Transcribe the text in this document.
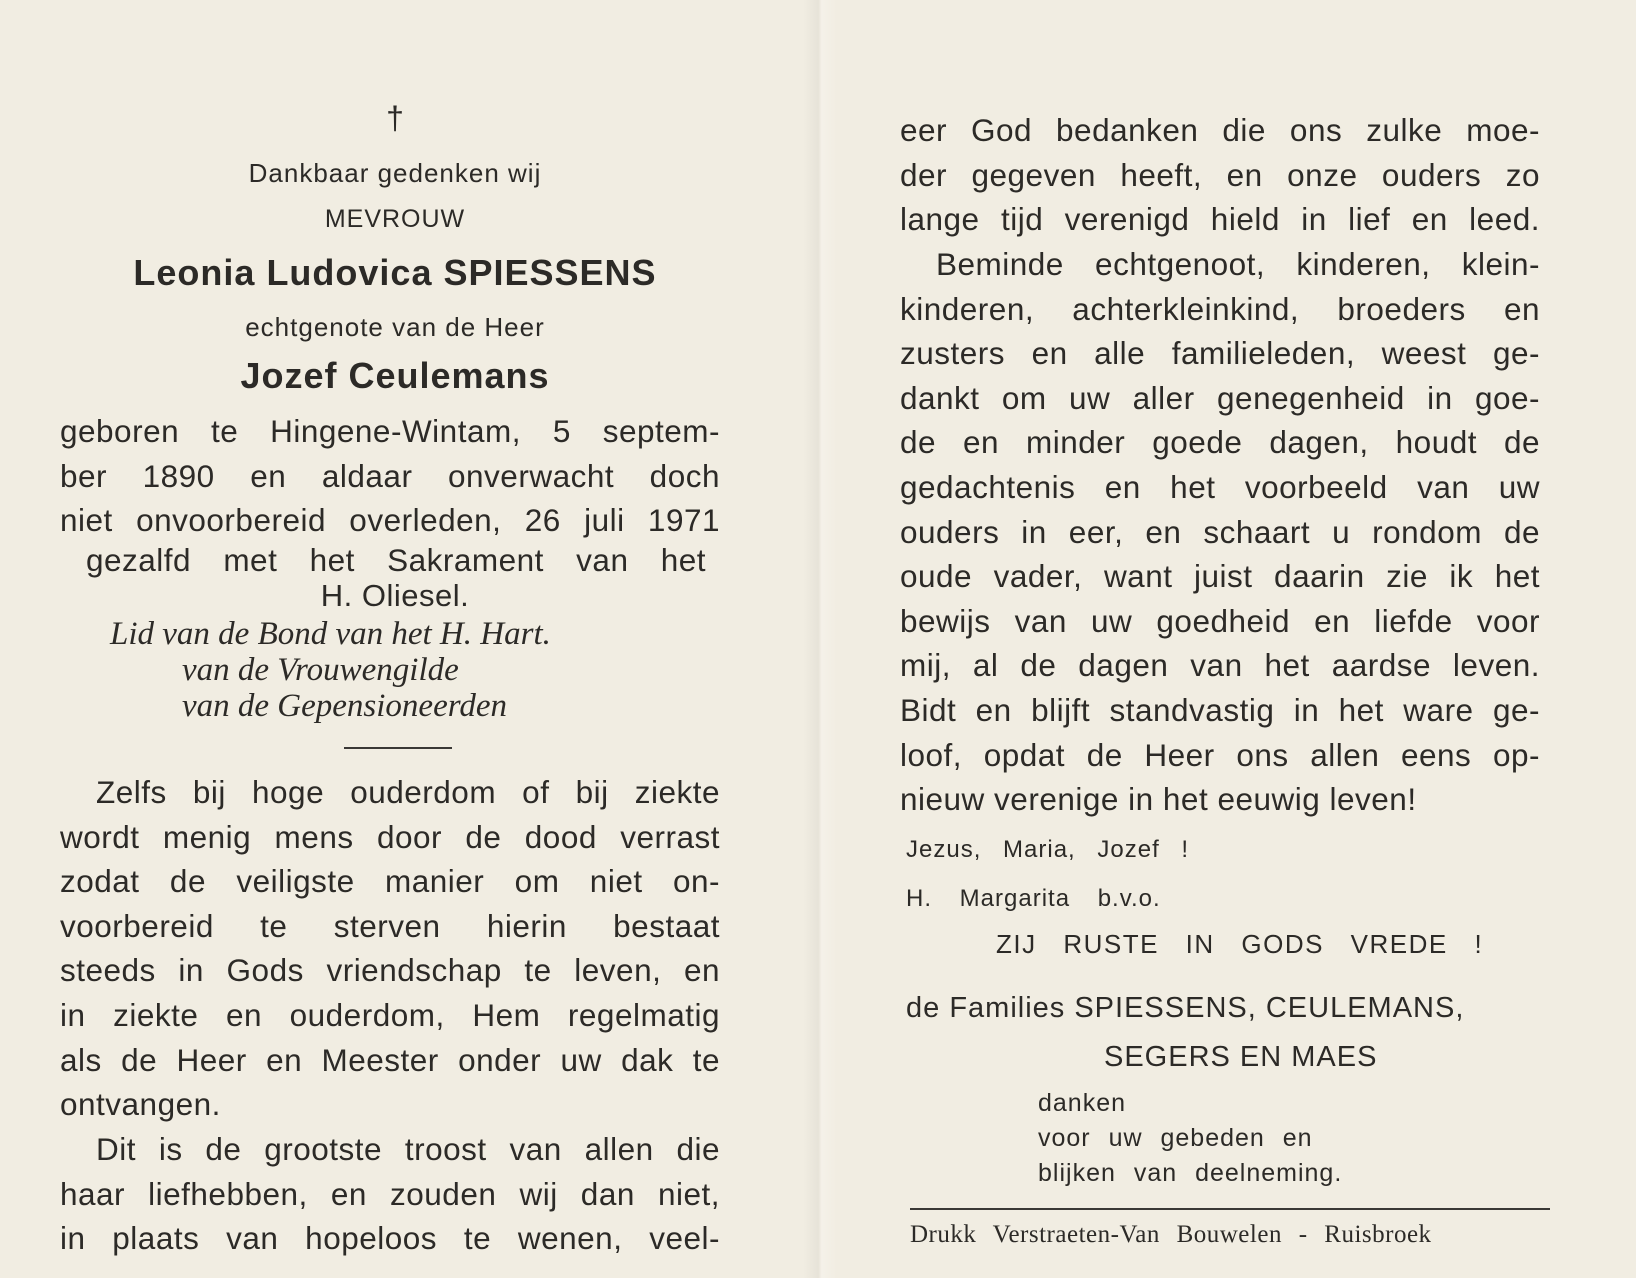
†
Dankbaar gedenken wij
MEVROUW
Leonia Ludovica SPIESSENS
echtgenote van de Heer
Jozef Ceulemans
geboren te Hingene-Wintam, 5 septem-
ber 1890 en aldaar onverwacht doch
niet onvoorbereid overleden, 26 juli 1971
gezalfd met het Sakrament van het
H. Oliesel.
Lid van de Bond van het H. Hart.
van de Vrouwengilde
van de Gepensioneerden
Zelfs bij hoge ouderdom of bij ziekte
wordt menig mens door de dood verrast
zodat de veiligste manier om niet on-
voorbereid te sterven hierin bestaat
steeds in Gods vriendschap te leven, en
in ziekte en ouderdom, Hem regelmatig
als de Heer en Meester onder uw dak te
ontvangen.
Dit is de grootste troost van allen die
haar liefhebben, en zouden wij dan niet,
in plaats van hopeloos te wenen, veel-
eer God bedanken die ons zulke moe-
der gegeven heeft, en onze ouders zo
lange tijd verenigd hield in lief en leed.
Beminde echtgenoot, kinderen, klein-
kinderen, achterkleinkind, broeders en
zusters en alle familieleden, weest ge-
dankt om uw aller genegenheid in goe-
de en minder goede dagen, houdt de
gedachtenis en het voorbeeld van uw
ouders in eer, en schaart u rondom de
oude vader, want juist daarin zie ik het
bewijs van uw goedheid en liefde voor
mij, al de dagen van het aardse leven.
Bidt en blijft standvastig in het ware ge-
loof, opdat de Heer ons allen eens op-
nieuw verenige in het eeuwig leven!
Jezus, Maria, Jozef !
H. Margarita b.v.o.
ZIJ RUSTE IN GODS VREDE !
de Families SPIESSENS, CEULEMANS,
SEGERS EN MAES
danken
voor uw gebeden en
blijken van deelneming.
Drukk Verstraeten-Van Bouwelen - Ruisbroek
